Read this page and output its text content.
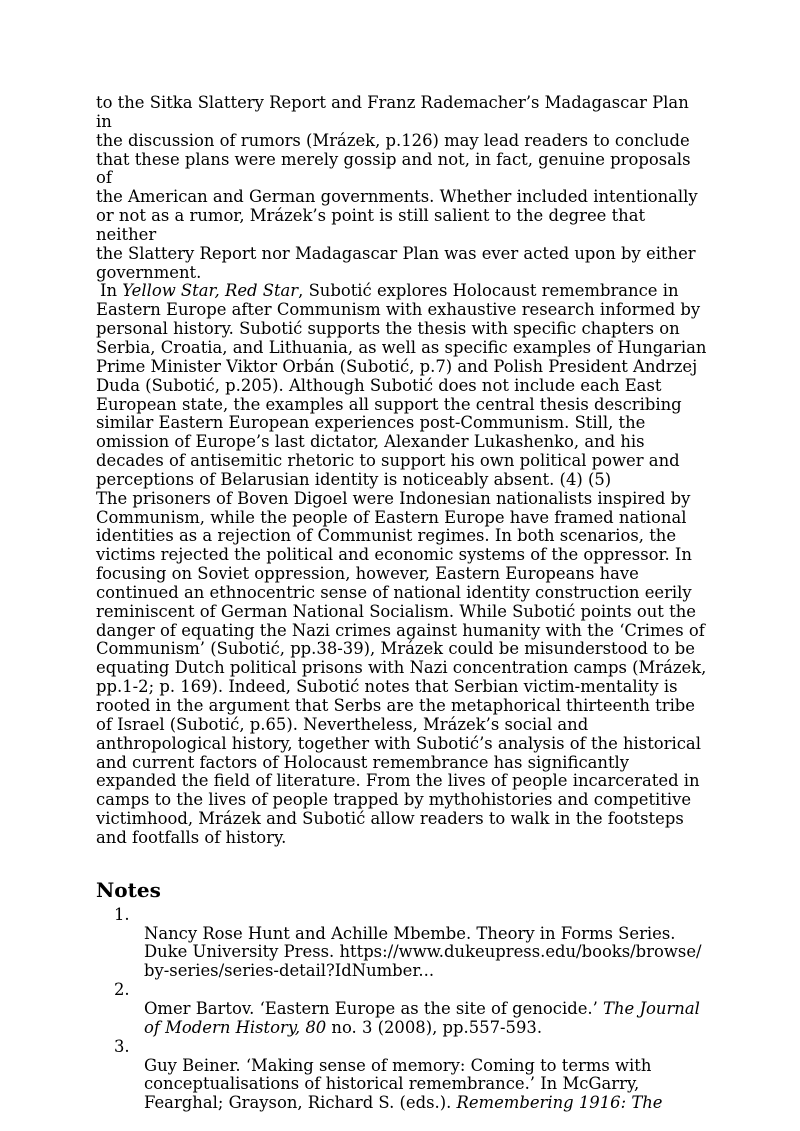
to the Sitka Slattery Report and Franz Rademacher’s Madagascar Plan in
the discussion of rumors (Mrázek, p.126) may lead readers to conclude
that these plans were merely gossip and not, in fact, genuine proposals of
the American and German governments. Whether included intentionally
or not as a rumor, Mrázek’s point is still salient to the degree that neither
the Slattery Report nor Madagascar Plan was ever acted upon by either
government.

In Yellow Star, Red Star, Subotić explores Holocaust remembrance in
Eastern Europe after Communism with exhaustive research informed by
personal history. Subotić supports the thesis with specific chapters on
Serbia, Croatia, and Lithuania, as well as specific examples of Hungarian
Prime Minister Viktor Orbán (Subotić, p.7) and Polish President Andrzej
Duda (Subotić, p.205). Although Subotić does not include each East
European state, the examples all support the central thesis describing
similar Eastern European experiences post-Communism. Still, the
omission of Europe’s last dictator, Alexander Lukashenko, and his
decades of antisemitic rhetoric to support his own political power and
perceptions of Belarusian identity is noticeably absent. (4) (5)

The prisoners of Boven Digoel were Indonesian nationalists inspired by
Communism, while the people of Eastern Europe have framed national
identities as a rejection of Communist regimes. In both scenarios, the
victims rejected the political and economic systems of the oppressor. In
focusing on Soviet oppression, however, Eastern Europeans have
continued an ethnocentric sense of national identity construction eerily
reminiscent of German National Socialism. While Subotić points out the
danger of equating the Nazi crimes against humanity with the ‘Crimes of
Communism’ (Subotić, pp.38-39), Mrázek could be misunderstood to be
equating Dutch political prisons with Nazi concentration camps (Mrázek,
pp.1-2; p. 169). Indeed, Subotić notes that Serbian victim-mentality is
rooted in the argument that Serbs are the metaphorical thirteenth tribe
of Israel (Subotić, p.65). Nevertheless, Mrázek’s social and
anthropological history, together with Subotić’s analysis of the historical
and current factors of Holocaust remembrance has significantly
expanded the field of literature. From the lives of people incarcerated in
camps to the lives of people trapped by mythohistories and competitive
victimhood, Mrázek and Subotić allow readers to walk in the footsteps
and footfalls of history.

Notes

1.
Nancy Rose Hunt and Achille Mbembe. Theory in Forms Series.
Duke University Press. https://www.dukeupress.edu/books/browse/
by-series/series-detail?IdNumber...

2.
Omer Bartov. ‘Eastern Europe as the site of genocide.’ The Journal
of Modern History, 80 no. 3 (2008), pp.557-593.

3.
Guy Beiner. ‘Making sense of memory: Coming to terms with
conceptualisations of historical remembrance.’ In McGarry,
Fearghal; Grayson, Richard S. (eds.). Remembering 1916: The
